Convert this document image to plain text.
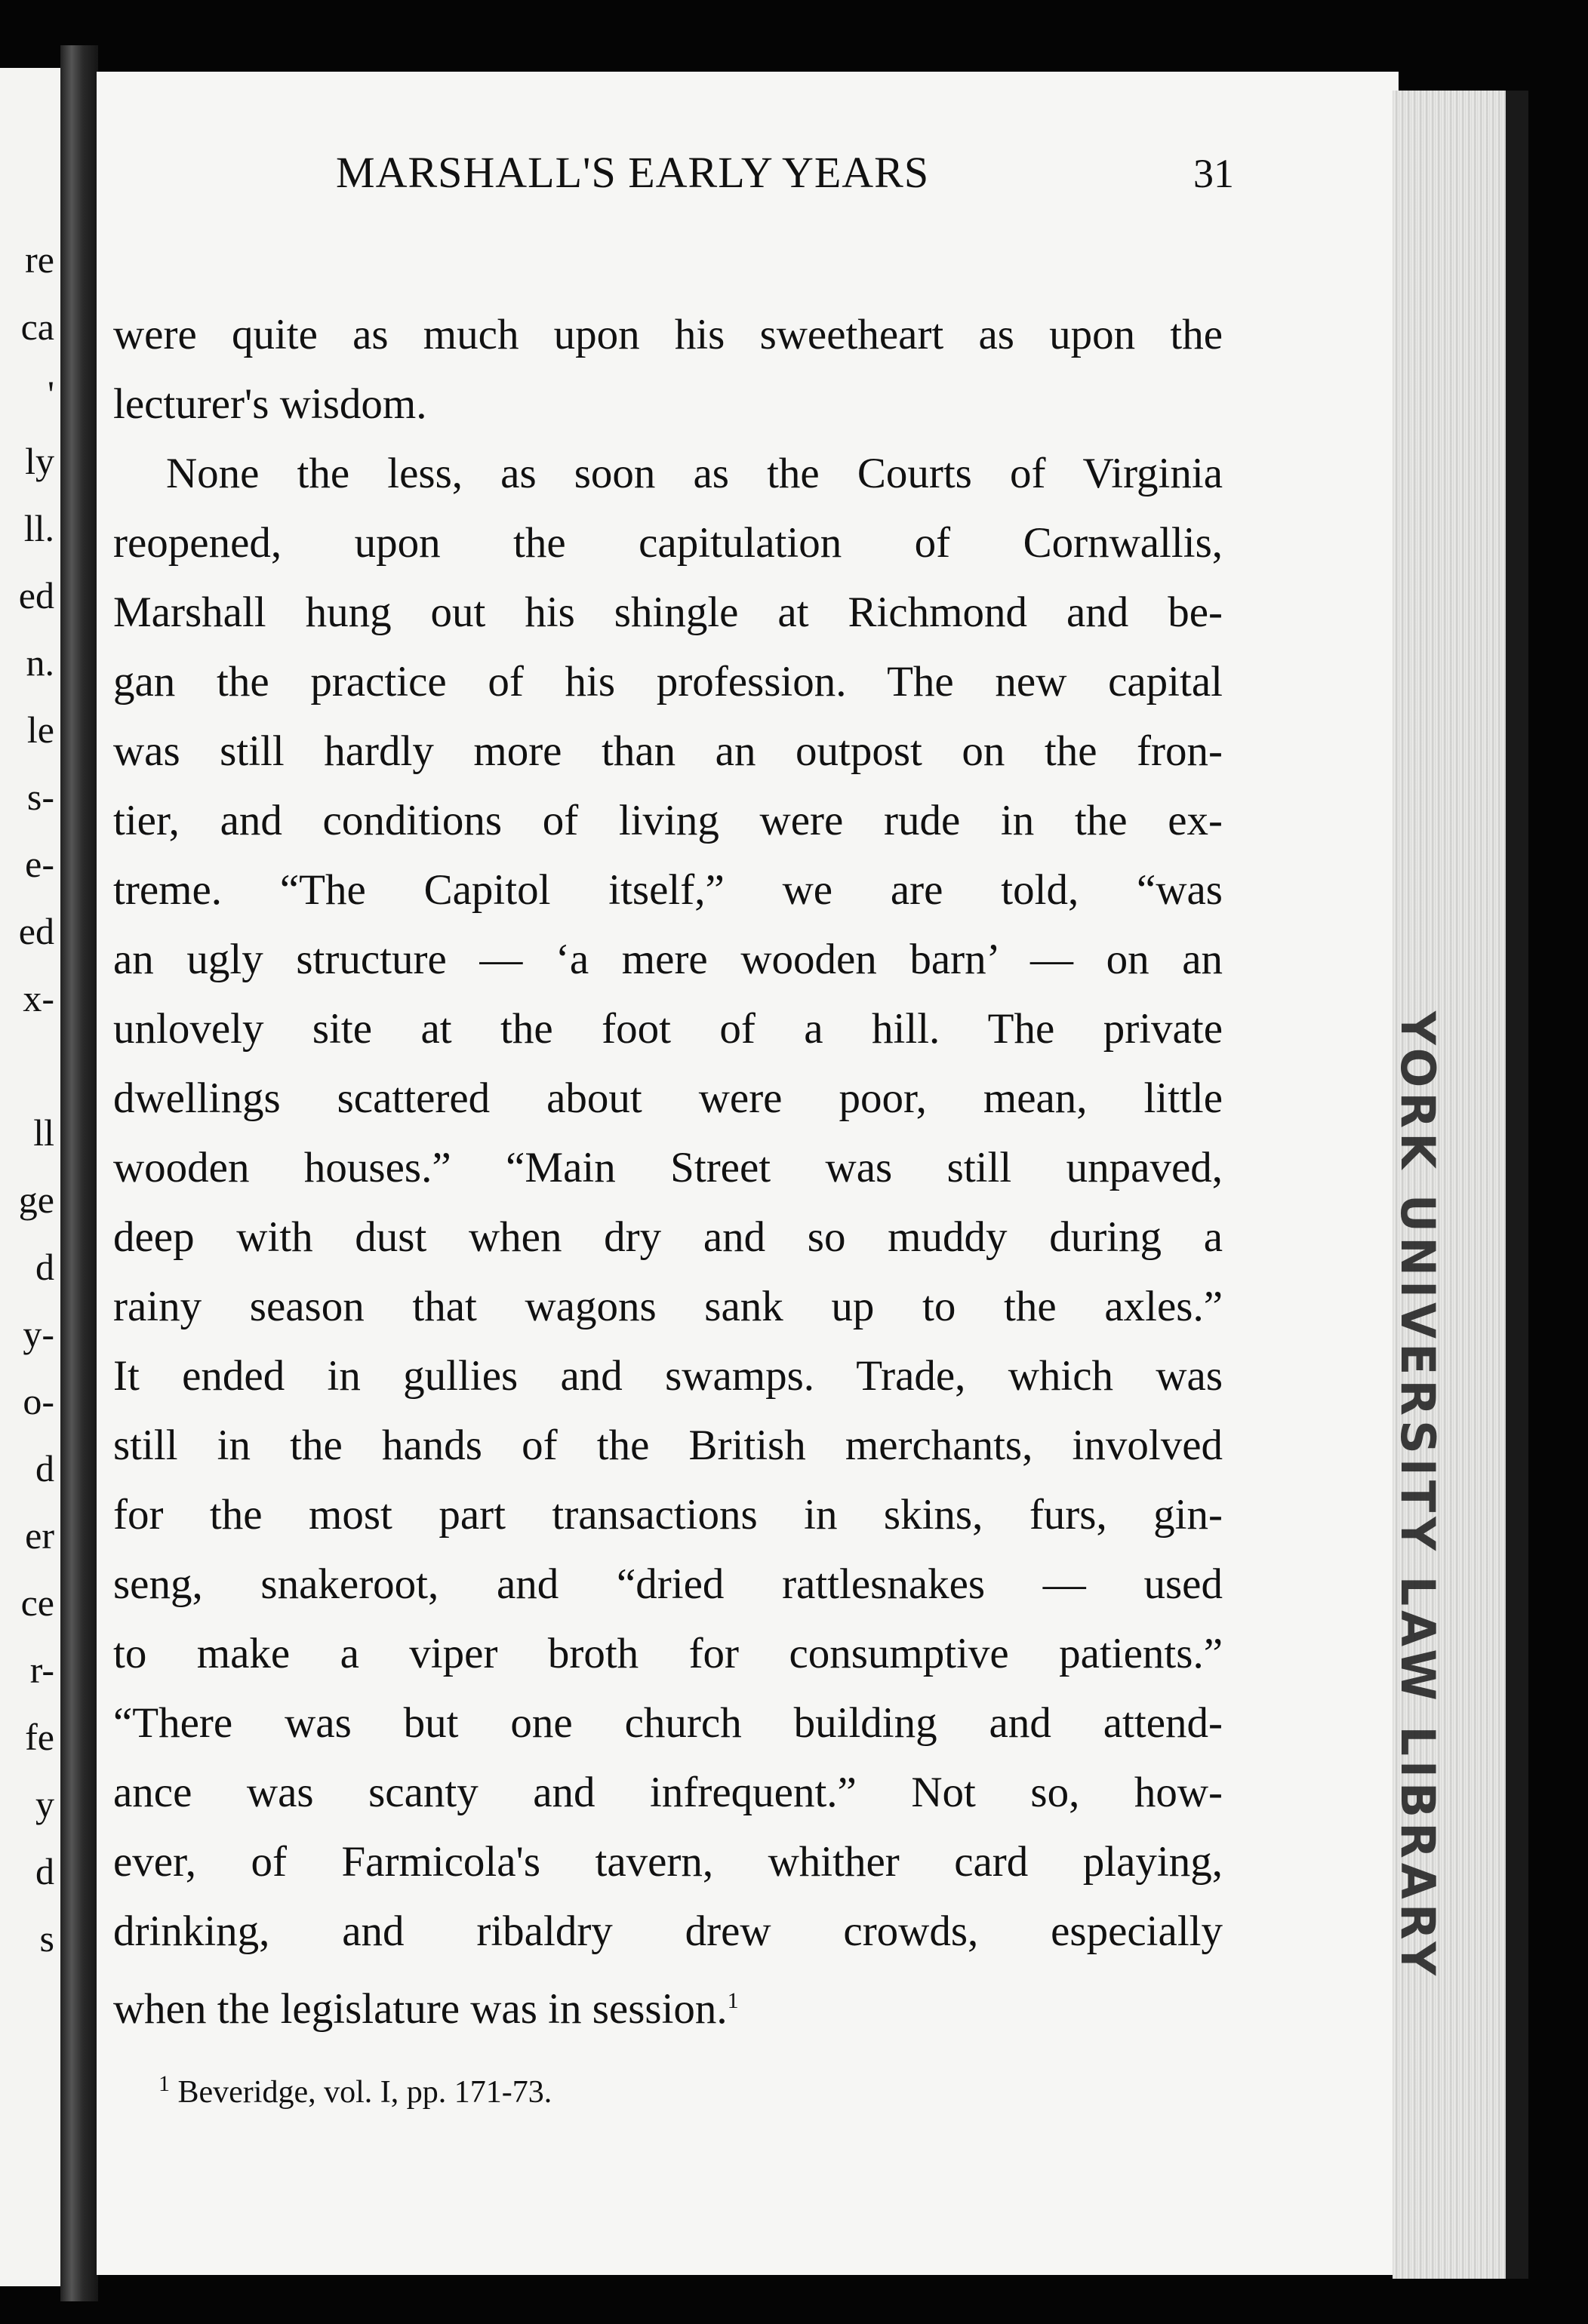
re
ca
'
ly
ll.
ed
n.
le
s-
e-
ed
x-
ll
ge
d
y-
o-
d
er
ce
r-
fe
y
d
s
MARSHALL'S EARLY YEARS	31
were quite as much upon his sweetheart as upon the
lecturer's wisdom.
None the less, as soon as the Courts of Virginia
reopened, upon the capitulation of Cornwallis,
Marshall hung out his shingle at Richmond and be-
gan the practice of his profession. The new capital
was still hardly more than an outpost on the fron-
tier, and conditions of living were rude in the ex-
treme. “The Capitol itself,” we are told, “was
an ugly structure — ‘a mere wooden barn’ — on an
unlovely site at the foot of a hill. The private
dwellings scattered about were poor, mean, little
wooden houses.” “Main Street was still unpaved,
deep with dust when dry and so muddy during a
rainy season that wagons sank up to the axles.”
It ended in gullies and swamps. Trade, which was
still in the hands of the British merchants, involved
for the most part transactions in skins, furs, gin-
seng, snakeroot, and “dried rattlesnakes — used
to make a viper broth for consumptive patients.”
“There was but one church building and attend-
ance was scanty and infrequent.” Not so, how-
ever, of Farmicola's tavern, whither card playing,
drinking, and ribaldry drew crowds, especially
when the legislature was in session.$^1$
$^1$ Beveridge, vol. I, pp. 171-73.
YORK UNIVERSITY LAW LIBRARY
